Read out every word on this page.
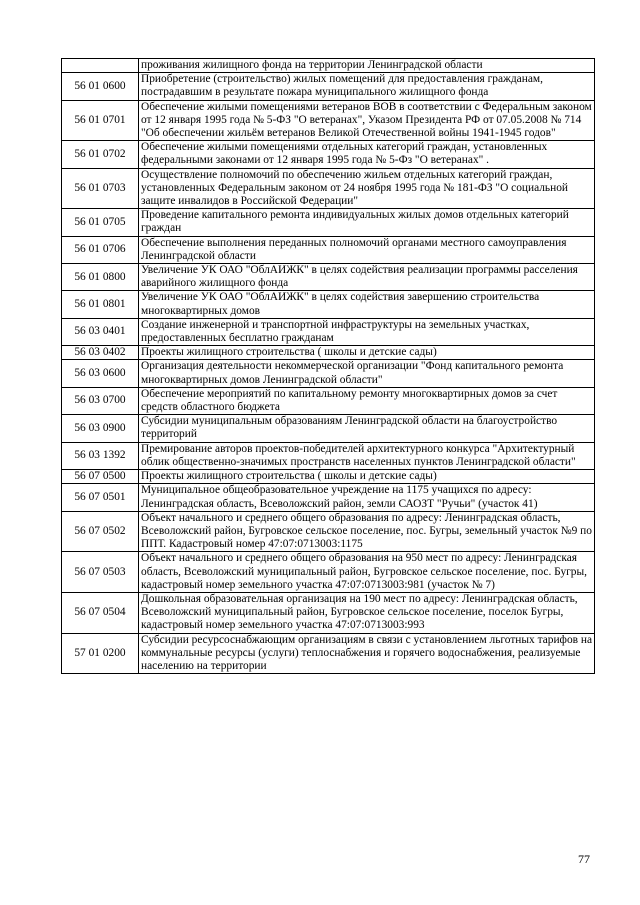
	проживания жилищного фонда на территории Ленинградской области
56 01 0600	Приобретение (строительство) жилых помещений для предоставления гражданам, пострадавшим в результате пожара муниципального жилищного фонда
56 01 0701	Обеспечение жилыми помещениями ветеранов ВОВ в соответствии с Федеральным законом от 12 января 1995 года № 5-ФЗ "О ветеранах", Указом Президента РФ от 07.05.2008 № 714 "Об обеспечении жильём ветеранов Великой Отечественной войны 1941-1945 годов"
56 01 0702	Обеспечение жилыми помещениями отдельных категорий граждан, установленных федеральными законами от 12 января 1995 года № 5-Фз "О ветеранах" .
56 01 0703	Осуществление полномочий по обеспечению жильем отдельных категорий граждан, установленных Федеральным законом от 24 ноября 1995 года № 181-ФЗ "О социальной защите инвалидов в Российской Федерации"
56 01 0705	Проведение капитального ремонта индивидуальных жилых домов отдельных категорий граждан
56 01 0706	Обеспечение выполнения переданных полномочий органами местного самоуправления Ленинградской области
56 01 0800	Увеличение УК ОАО "ОблАИЖК" в целях содействия реализации программы расселения аварийного жилищного фонда
56 01 0801	Увеличение УК ОАО "ОблАИЖК" в целях содействия завершению строительства многоквартирных домов
56 03 0401	Создание инженерной и транспортной инфраструктуры на земельных участках, предоставленных бесплатно гражданам
56 03 0402	Проекты жилищного строительства ( школы и детские сады)
56 03 0600	Организация деятельности некоммерческой организации "Фонд капитального ремонта многоквартирных домов Ленинградской области"
56 03 0700	Обеспечение мероприятий по капитальному ремонту многоквартирных домов за счет средств областного бюджета
56 03 0900	Субсидии муниципальным образованиям Ленинградской области на благоустройство территорий
56 03 1392	Премирование авторов проектов-победителей архитектурного конкурса "Архитектурный облик общественно-значимых пространств населенных пунктов Ленинградской области"
56 07 0500	Проекты жилищного строительства ( школы и детские сады)
56 07 0501	Муниципальное общеобразовательное учреждение на 1175 учащихся по адресу: Ленинградская область, Всеволожский район, земли САОЗТ "Ручьи" (участок 41)
56 07 0502	Объект начального и среднего общего образования по адресу: Ленинградская область, Всеволожский район, Бугровское сельское поселение, пос. Бугры, земельный участок №9 по ППТ. Кадастровый номер 47:07:0713003:1175
56 07 0503	Объект начального и среднего общего образования на 950 мест по адресу: Ленинградская область, Всеволожский муниципальный район, Бугровское сельское поселение, пос. Бугры, кадастровый номер земельного участка 47:07:0713003:981 (участок № 7)
56 07 0504	Дошкольная образовательная организация на 190 мест по адресу: Ленинградская область, Всеволожский муниципальный район, Бугровское сельское поселение, поселок Бугры, кадастровый номер земельного участка 47:07:0713003:993
57 01 0200	Субсидии ресурсоснабжающим организациям в связи с установлением льготных тарифов на коммунальные ресурсы (услуги) теплоснабжения и горячего водоснабжения, реализуемые населению на территории
77
